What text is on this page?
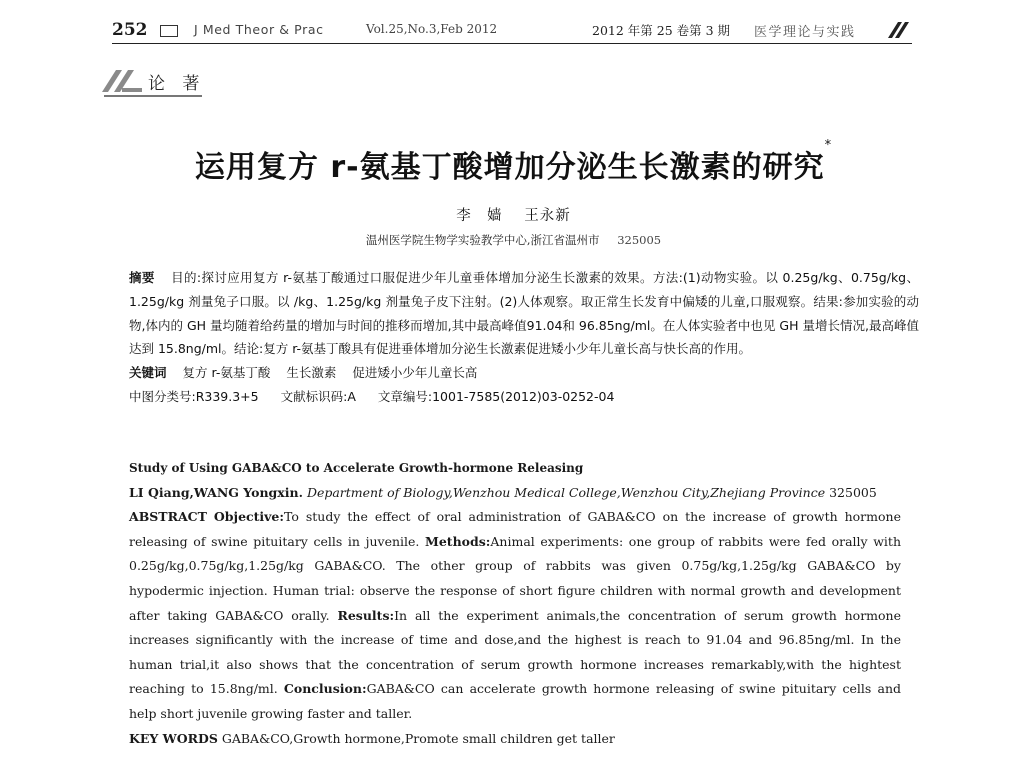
252	J Med Theor & Prac	Vol.25,No.3,Feb 2012	2012 年第 25 卷第 3 期 医学理论与实践
论 著
运用复方 r-氨基丁酸增加分泌生长激素的研究*
李　嫱 王永新
温州医学院生物学实验教学中心,浙江省温州市 325005

摘要 目的:探讨应用复方 r-氨基丁酸通过口服促进少年儿童垂体增加分泌生长激素的效果。方法:(1)动物实验。以 0.25g/kg、0.75g/kg、1.25g/kg 剂量兔子口服。以 /kg、1.25g/kg 剂量兔子皮下注射。(2)人体观察。取正常生长发育中偏矮的儿童,口服观察。结果:参加实验的动物,体内的 GH 量均随着给药量的增加与时间的推移而增加,其中最高峰值91.04和 96.85ng/ml。在人体实验者中也见 GH 量增长情况,最高峰值达到 15.8ng/ml。结论:复方 r-氨基丁酸具有促进垂体增加分泌生长激素促进矮小少年儿童长高与快长高的作用。

关键词 复方 r-氨基丁酸 生长激素 促进矮小少年儿童长高

中图分类号:R339.3+5 文献标识码:A 文章编号:1001-7585(2012)03-0252-04

Study of Using GABA&CO to Accelerate Growth-hormone Releasing

LI Qiang,WANG Yongxin. Department of Biology,Wenzhou Medical College,Wenzhou City,Zhejiang Province 325005

ABSTRACT Objective:To study the effect of oral administration of GABA&CO on the increase of growth hormone releasing of swine pituitary cells in juvenile. Methods:Animal experiments: one group of rabbits were fed orally with 0.25g/kg,0.75g/kg,1.25g/kg GABA&CO. The other group of rabbits was given 0.75g/kg,1.25g/kg GABA&CO by hypodermic injection. Human trial: observe the response of short figure children with normal growth and development after taking GABA&CO orally. Results:In all the experiment animals,the concentration of serum growth hormone increases significantly with the increase of time and dose,and the highest is reach to 91.04 and 96.85ng/ml. In the human trial,it also shows that the concentration of serum growth hormone increases remarkably,with the hightest reaching to 15.8ng/ml. Conclusion:GABA&CO can accelerate growth hormone releasing of swine pituitary cells and help short juvenile growing faster and taller.

KEY WORDS GABA&CO,Growth hormone,Promote small children get taller
